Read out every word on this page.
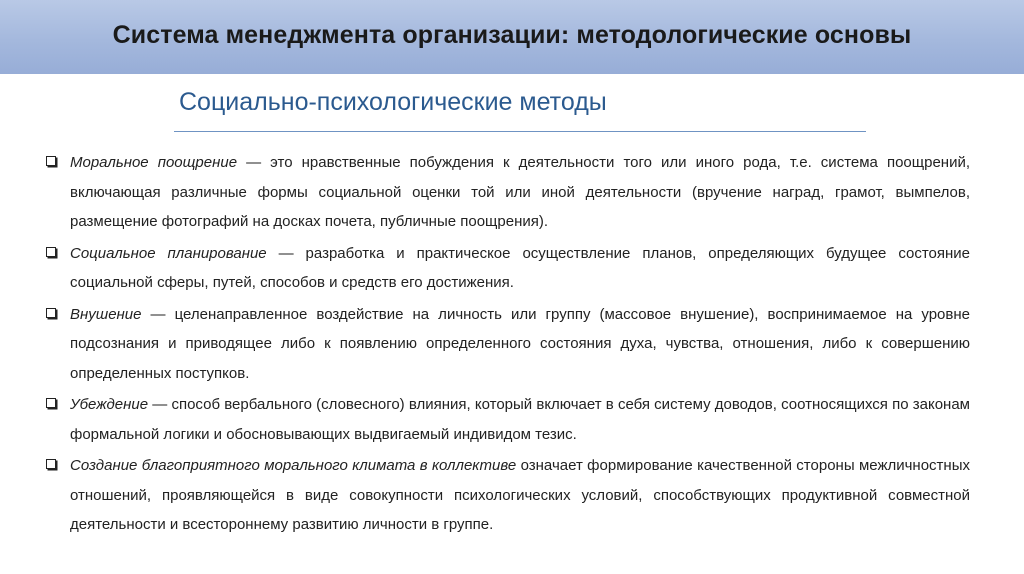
Система менеджмента организации: методологические основы
Социально-психологические методы
Моральное поощрение — это нравственные побуждения к деятельности того или иного рода, т.е. система поощрений, включающая различные формы социальной оценки той или иной деятельности (вручение наград, грамот, вымпелов, размещение фотографий на досках почета, публичные поощрения).
Социальное планирование — разработка и практическое осуществление планов, определяющих будущее состояние социальной сферы, путей, способов и средств его достижения.
Внушение — целенаправленное воздействие на личность или группу (массовое внушение), воспринимаемое на уровне подсознания и приводящее либо к появлению определенного состояния духа, чувства, отношения, либо к совершению определенных поступков.
Убеждение — способ вербального (словесного) влияния, который включает в себя систему доводов, соотносящихся по законам формальной логики и обосновывающих выдвигаемый индивидом тезис.
Создание благоприятного морального климата в коллективе означает формирование качественной стороны межличностных отношений, проявляющейся в виде совокупности психологических условий, способствующих продуктивной совместной деятельности и всестороннему развитию личности в группе.
